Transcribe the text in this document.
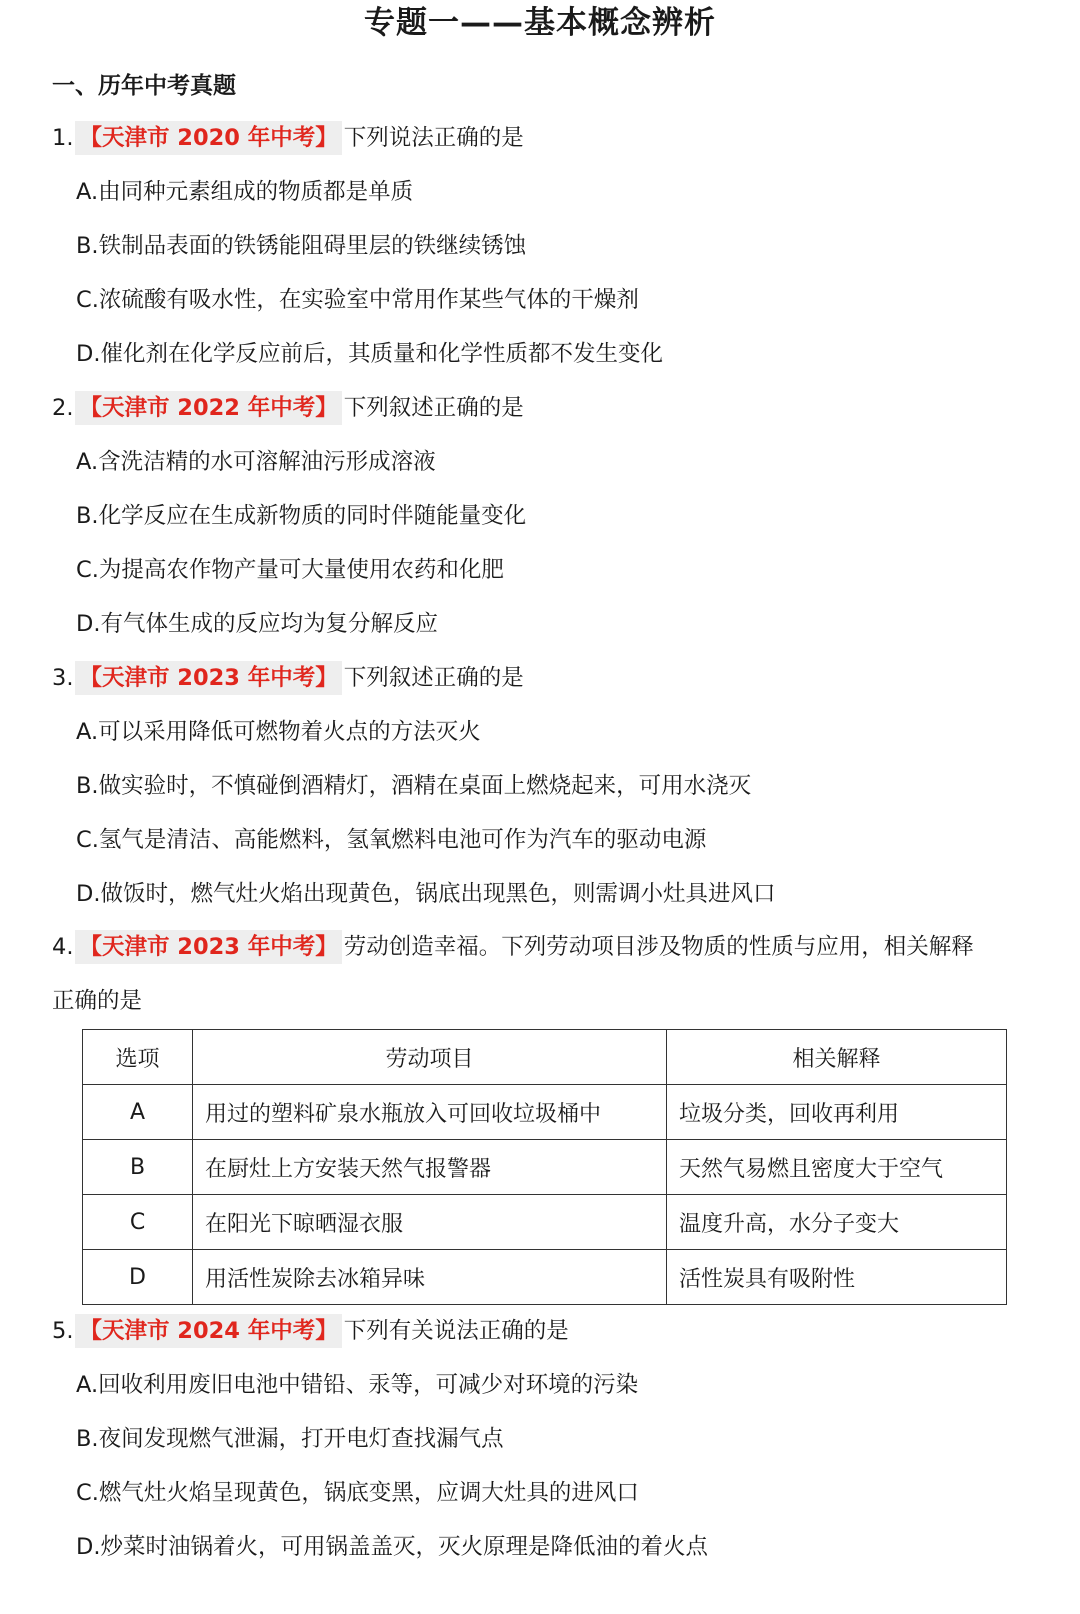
专题一——基本概念辨析
一、历年中考真题
1. 【天津市 2020 年中考】 下列说法正确的是
A.由同种元素组成的物质都是单质
B.铁制品表面的铁锈能阻碍里层的铁继续锈蚀
C.浓硫酸有吸水性，在实验室中常用作某些气体的干燥剂
D.催化剂在化学反应前后，其质量和化学性质都不发生变化
2. 【天津市 2022 年中考】 下列叙述正确的是
A.含洗洁精的水可溶解油污形成溶液
B.化学反应在生成新物质的同时伴随能量变化
C.为提高农作物产量可大量使用农药和化肥
D.有气体生成的反应均为复分解反应
3. 【天津市 2023 年中考】 下列叙述正确的是
A.可以采用降低可燃物着火点的方法灭火
B.做实验时，不慎碰倒酒精灯，酒精在桌面上燃烧起来，可用水浇灭
C.氢气是清洁、高能燃料，氢氧燃料电池可作为汽车的驱动电源
D.做饭时，燃气灶火焰出现黄色，锅底出现黑色，则需调小灶具进风口
4. 【天津市 2023 年中考】 劳动创造幸福。下列劳动项目涉及物质的性质与应用，相关解释
正确的是
选项	劳动项目	相关解释
A	用过的塑料矿泉水瓶放入可回收垃圾桶中	垃圾分类，回收再利用
B	在厨灶上方安装天然气报警器	天然气易燃且密度大于空气
C	在阳光下晾晒湿衣服	温度升高，水分子变大
D	用活性炭除去冰箱异味	活性炭具有吸附性
5. 【天津市 2024 年中考】 下列有关说法正确的是
A.回收利用废旧电池中错铅、汞等，可减少对环境的污染
B.夜间发现燃气泄漏，打开电灯查找漏气点
C.燃气灶火焰呈现黄色，锅底变黑，应调大灶具的进风口
D.炒菜时油锅着火，可用锅盖盖灭，灭火原理是降低油的着火点
